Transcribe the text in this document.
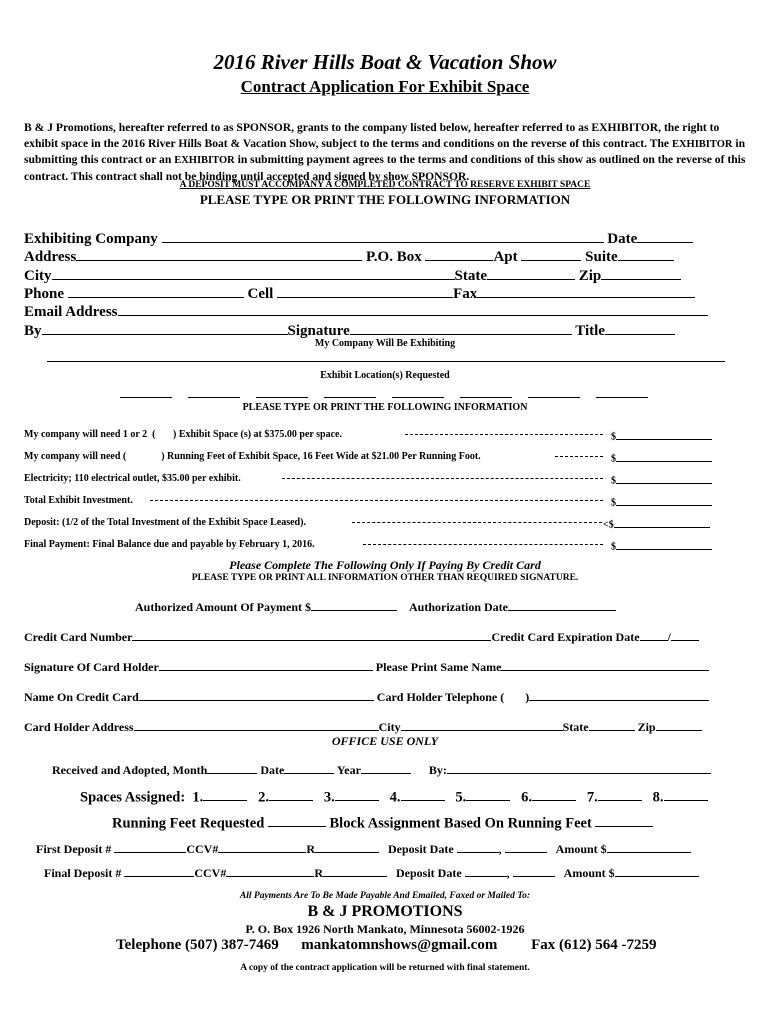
2016 River Hills Boat & Vacation Show
Contract Application For Exhibit Space
B & J Promotions, hereafter referred to as SPONSOR, grants to the company listed below, hereafter referred to as EXHIBITOR, the right to exhibit space in the 2016 River Hills Boat & Vacation Show, subject to the terms and conditions on the reverse of this contract. The EXHIBITOR in submitting this contract or an EXHIBITOR in submitting payment agrees to the terms and conditions of this show as outlined on the reverse of this contract. This contract shall not be binding until accepted and signed by show SPONSOR.
A DEPOSIT MUST ACCOMPANY A COMPLETED CONTRACT TO RESERVE EXHIBIT SPACE
PLEASE TYPE OR PRINT THE FOLLOWING INFORMATION
Exhibiting Company	Date
Address	P.O. Box	Apt	Suite
City	State	Zip
Phone	Cell	Fax
Email Address
By	Signature	Title
My Company Will Be Exhibiting
Exhibit Location(s) Requested
PLEASE TYPE OR PRINT THE FOLLOWING INFORMATION
My company will need 1 or 2 ( ) Exhibit Space (s) at $375.00 per space.	$
My company will need (	) Running Feet of Exhibit Space, 16 Feet Wide at $21.00 Per Running Foot.	$
Electricity; 110 electrical outlet, $35.00 per exhibit.	$
Total Exhibit Investment.	$
Deposit: (1/2 of the Total Investment of the Exhibit Space Leased).	<$
Final Payment: Final Balance due and payable by February 1, 2016.	$
Please Complete The Following Only If Paying By Credit Card
PLEASE TYPE OR PRINT ALL INFORMATION OTHER THAN REQUIRED SIGNATURE.
Authorized Amount Of Payment $	Authorization Date
Credit Card Number	Credit Card Expiration Date /
Signature Of Card Holder	Please Print Same Name
Name On Credit Card	Card Holder Telephone ( )
Card Holder Address	City	State	Zip
OFFICE USE ONLY
Received and Adopted, Month	Date	Year	By:
Spaces Assigned: 1.	2.	3.	4.	5.	6.	7.	8.
Running Feet Requested	Block Assignment Based On Running Feet
First Deposit #	CCV#	R	Deposit Date	,	Amount $
Final Deposit #	CCV#	R	Deposit Date	,	Amount $
All Payments Are To Be Made Payable And Emailed, Faxed or Mailed To:
B & J PROMOTIONS
P. O. Box 1926 North Mankato, Minnesota 56002-1926
Telephone (507) 387-7469 mankatomnshows@gmail.com Fax (612) 564 -7259
A copy of the contract application will be returned with final statement.
